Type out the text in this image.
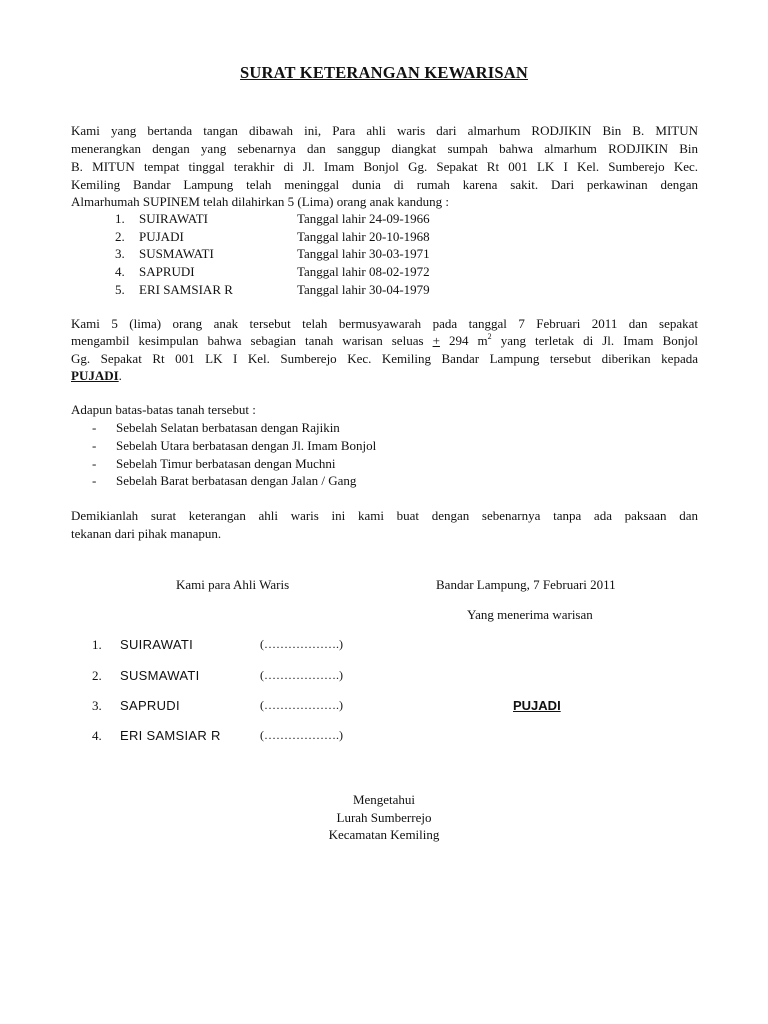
SURAT KETERANGAN KEWARISAN
Kami yang bertanda tangan dibawah ini, Para ahli waris dari almarhum RODJIKIN Bin B. MITUN
menerangkan dengan yang sebenarnya dan sanggup diangkat sumpah bahwa almarhum RODJIKIN Bin
B. MITUN tempat tinggal terakhir di Jl. Imam Bonjol Gg. Sepakat Rt 001 LK I Kel. Sumberejo Kec.
Kemiling Bandar Lampung telah meninggal dunia di rumah karena sakit. Dari perkawinan dengan
Almarhumah SUPINEM telah dilahirkan 5 (Lima) orang anak kandung :
1. SUIRAWATI	Tanggal lahir 24-09-1966
2. PUJADI	Tanggal lahir 20-10-1968
3. SUSMAWATI	Tanggal lahir 30-03-1971
4. SAPRUDI	Tanggal lahir 08-02-1972
5. ERI SAMSIAR R	Tanggal lahir 30-04-1979
Kami 5 (lima) orang anak tersebut telah bermusyawarah pada tanggal 7 Februari 2011 dan sepakat
mengambil kesimpulan bahwa sebagian tanah warisan seluas + 294 $m^2$ yang terletak di Jl. Imam Bonjol
Gg. Sepakat Rt 001 LK I Kel. Sumberejo Kec. Kemiling Bandar Lampung tersebut diberikan kepada
PUJADI.
Adapun batas-batas tanah tersebut :
- Sebelah Selatan berbatasan dengan Rajikin
- Sebelah Utara berbatasan dengan Jl. Imam Bonjol
- Sebelah Timur berbatasan dengan Muchni
- Sebelah Barat berbatasan dengan Jalan / Gang
Demikianlah surat keterangan ahli waris ini kami buat dengan sebenarnya tanpa ada paksaan dan
tekanan dari pihak manapun.
Kami para Ahli Waris	Bandar Lampung, 7 Februari 2011
Yang menerima warisan
1. SUIRAWATI	(……………….)
2. SUSMAWATI	(……………….)
3. SAPRUDI	(……………….)
4. ERI SAMSIAR R	(……………….)
PUJADI
Mengetahui
Lurah Sumberrejo
Kecamatan Kemiling
